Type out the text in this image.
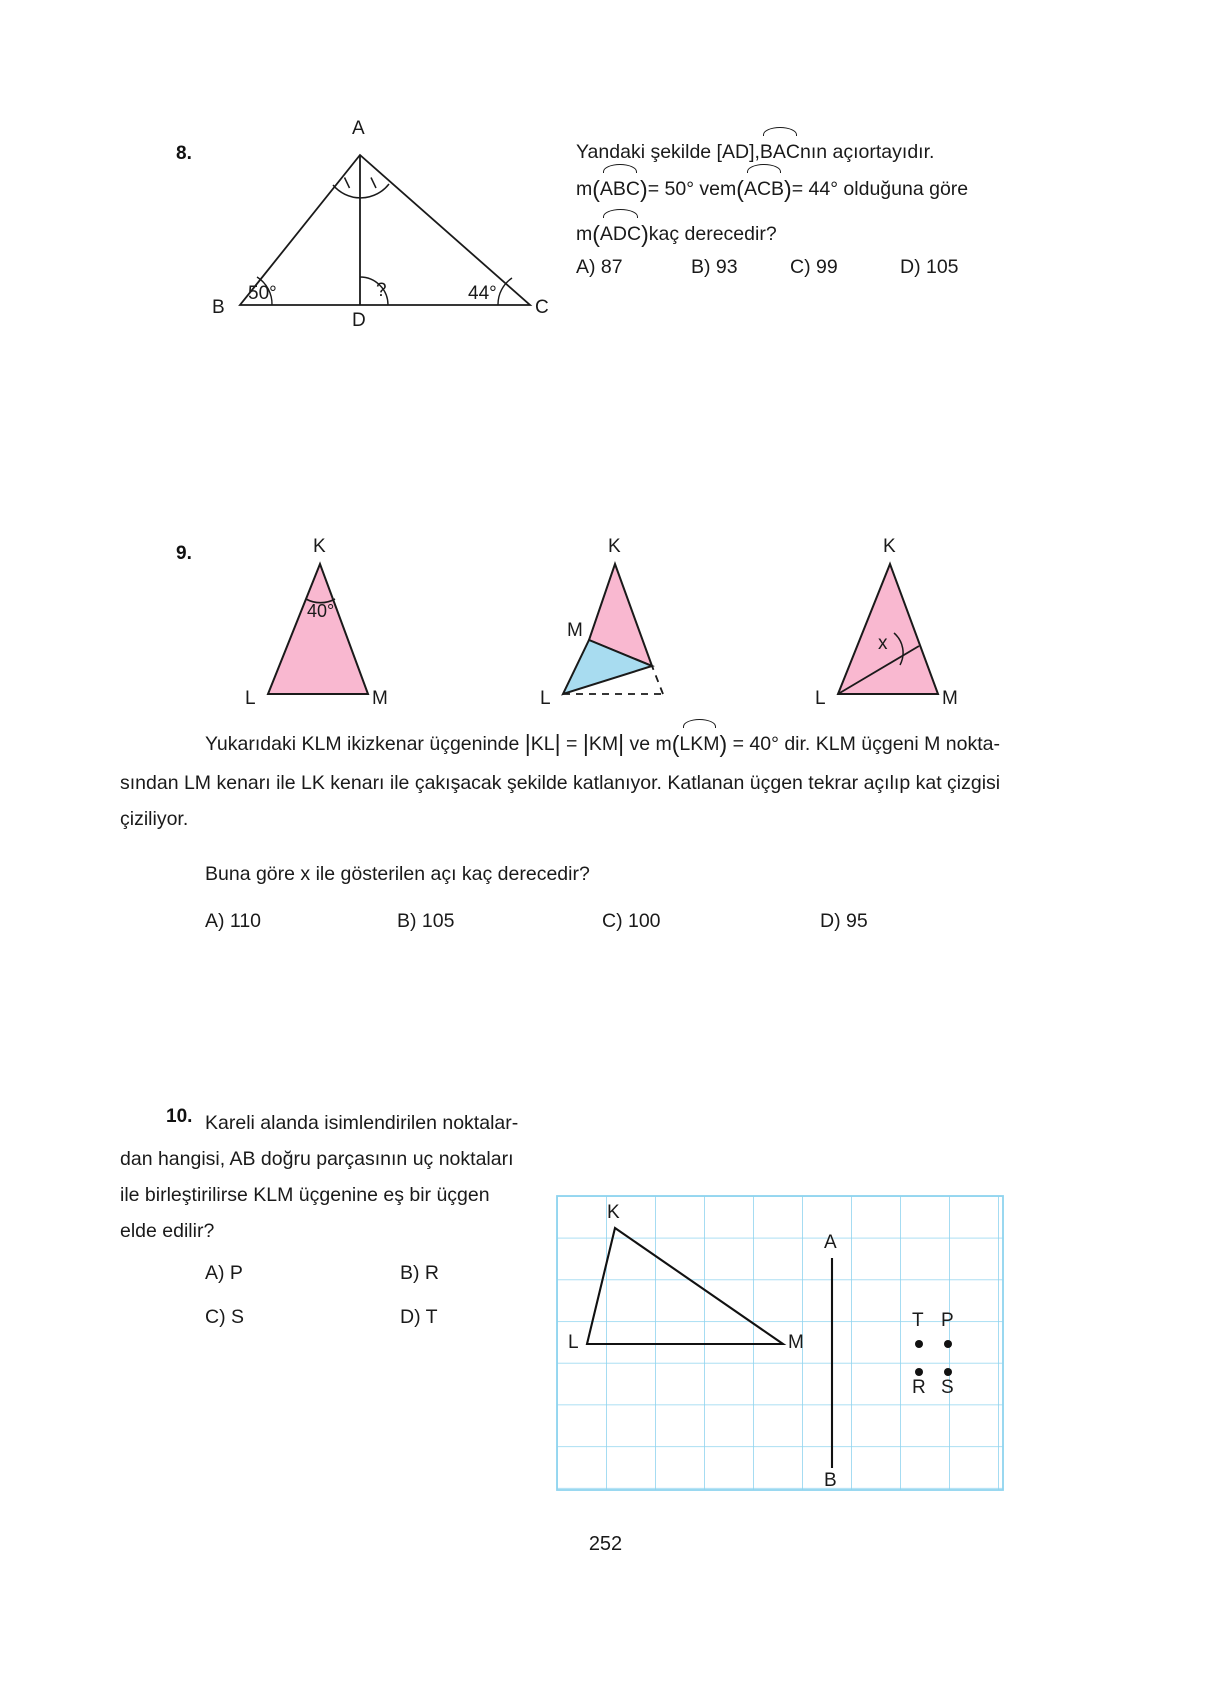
8.
A
B	C
D
50°	44°
?
Yandaki şekilde [AD], BAC nın açıortayıdır.
m ( ABC ) = 50° ve m ( ACB ) = 44° olduğuna göre
m ( ADC ) kaç derecedir?
A) 87	B) 93	C) 99	D) 105
9.	K
L	M
40°
K
L
M
K
L	M
x
Yukarıdaki KLM ikizkenar üçgeninde
| KL |
=
| KM |
ve m ( LKM )
= 40° dir. KLM üçgeni M nokta-
sından LM kenarı ile LK kenarı ile çakışacak şekilde katlanıyor. Katlanan üçgen tekrar açılıp kat çizgisi
çiziliyor.
Buna göre x ile gösterilen açı kaç derecedir?
A) 110	B) 105	C) 100	D) 95
10. Kareli alanda isimlendirilen noktalar-
dan hangisi, AB doğru parçasının uç noktaları
ile birleştirilirse KLM üçgenine eş bir üçgen
elde edilir?
A) P	B) R
C) S	D) T
K
L	M
A
B
T P
R S
252
